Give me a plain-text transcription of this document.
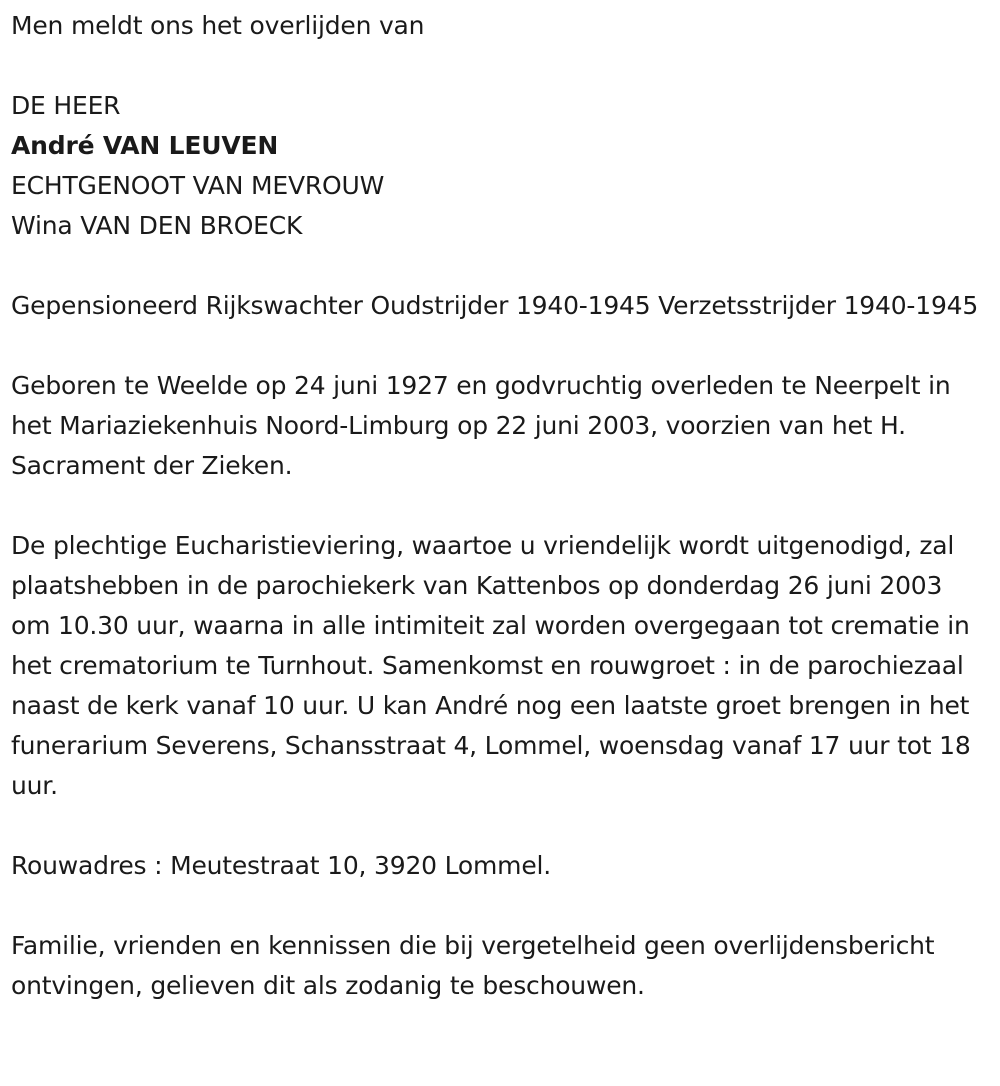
Men meldt ons het overlijden van

DE HEER

André VAN LEUVEN

ECHTGENOOT VAN MEVROUW

Wina VAN DEN BROECK

Gepensioneerd Rijkswachter Oudstrijder 1940-1945 Verzetsstrijder 1940-1945

Geboren te Weelde op 24 juni 1927 en godvruchtig overleden te Neerpelt in het Mariaziekenhuis Noord-Limburg op 22 juni 2003, voorzien van het H. Sacrament der Zieken.

De plechtige Eucharistieviering, waartoe u vriendelijk wordt uitgenodigd, zal plaatshebben in de parochiekerk van Kattenbos op donderdag 26 juni 2003 om 10.30 uur, waarna in alle intimiteit zal worden overgegaan tot crematie in het crematorium te Turnhout. Samenkomst en rouwgroet : in de parochiezaal naast de kerk vanaf 10 uur. U kan André nog een laatste groet brengen in het funerarium Severens, Schansstraat 4, Lommel, woensdag vanaf 17 uur tot 18 uur.

Rouwadres : Meutestraat 10, 3920 Lommel.

Familie, vrienden en kennissen die bij vergetelheid geen overlijdensbericht ontvingen, gelieven dit als zodanig te beschouwen.
